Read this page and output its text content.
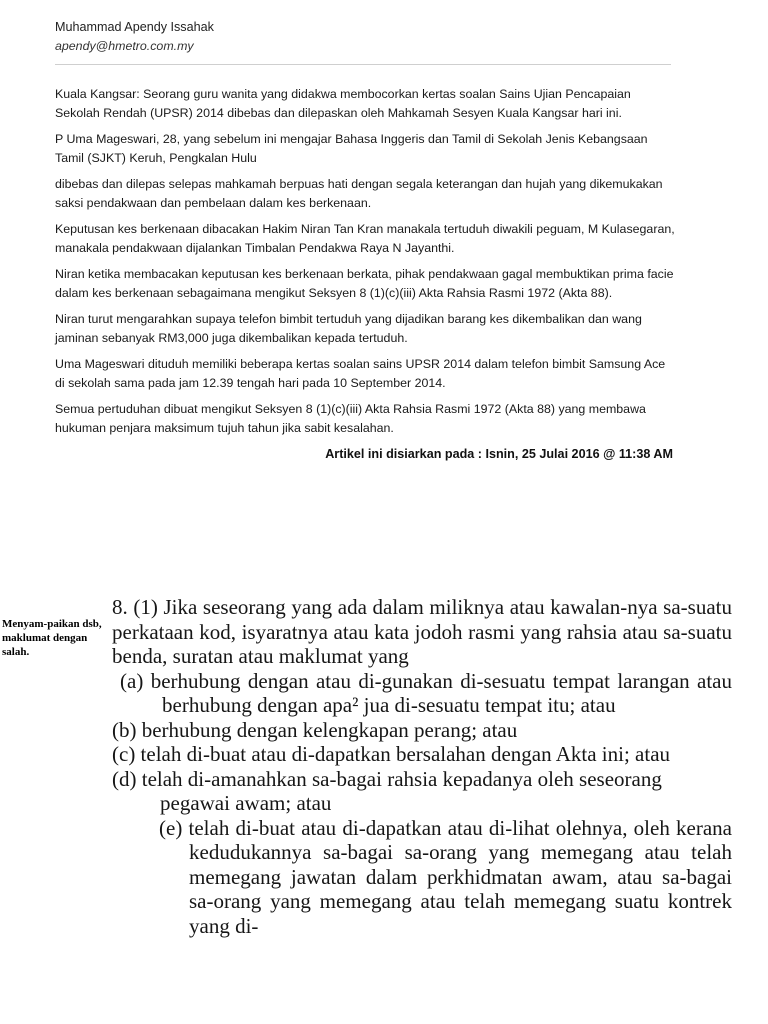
Muhammad Apendy Issahak

apendy@hmetro.com.my

Kuala Kangsar: Seorang guru wanita yang didakwa membocorkan kertas soalan Sains Ujian Pencapaian Sekolah Rendah (UPSR) 2014 dibebas dan dilepaskan oleh Mahkamah Sesyen Kuala Kangsar hari ini.

P Uma Mageswari, 28, yang sebelum ini mengajar Bahasa Inggeris dan Tamil di Sekolah Jenis Kebangsaan Tamil (SJKT) Keruh, Pengkalan Hulu

dibebas dan dilepas selepas mahkamah berpuas hati dengan segala keterangan dan hujah yang dikemukakan saksi pendakwaan dan pembelaan dalam kes berkenaan.

Keputusan kes berkenaan dibacakan Hakim Niran Tan Kran manakala tertuduh diwakili peguam, M Kulasegaran, manakala pendakwaan dijalankan Timbalan Pendakwa Raya N Jayanthi.

Niran ketika membacakan keputusan kes berkenaan berkata, pihak pendakwaan gagal membuktikan prima facie dalam kes berkenaan sebagaimana mengikut Seksyen 8 (1)(c)(iii) Akta Rahsia Rasmi 1972 (Akta 88).

Niran turut mengarahkan supaya telefon bimbit tertuduh yang dijadikan barang kes dikembalikan dan wang jaminan sebanyak RM3,000 juga dikembalikan kepada tertuduh.

Uma Mageswari dituduh memiliki beberapa kertas soalan sains UPSR 2014 dalam telefon bimbit Samsung Ace di sekolah sama pada jam 12.39 tengah hari pada 10 September 2014.

Semua pertuduhan dibuat mengikut Seksyen 8 (1)(c)(iii) Akta Rahsia Rasmi 1972 (Akta 88) yang membawa hukuman penjara maksimum tujuh tahun jika sabit kesalahan.

Artikel ini disiarkan pada : Isnin, 25 Julai 2016 @ 11:38 AM

Menyam-paikan dsb, maklumat dengan salah.

8. (1) Jika seseorang yang ada dalam miliknya atau kawalan-nya sa-suatu perkataan kod, isyaratnya atau kata jodoh rasmi yang rahsia atau sa-suatu benda, suratan atau maklumat yang

(a) berhubung dengan atau di-gunakan di-sesuatu tempat larangan atau berhubung dengan apa² jua di-sesuatu tempat itu; atau

(b) berhubung dengan kelengkapan perang; atau

(c) telah di-buat atau di-dapatkan bersalahan dengan Akta ini; atau

(d) telah di-amanahkan sa-bagai rahsia kepadanya oleh seseorang pegawai awam; atau

(e) telah di-buat atau di-dapatkan atau di-lihat olehnya, oleh kerana kedudukannya sa-bagai sa-orang yang memegang atau telah memegang jawatan dalam perkhidmatan awam, atau sa-bagai sa-orang yang memegang atau telah memegang suatu kontrek yang di-
